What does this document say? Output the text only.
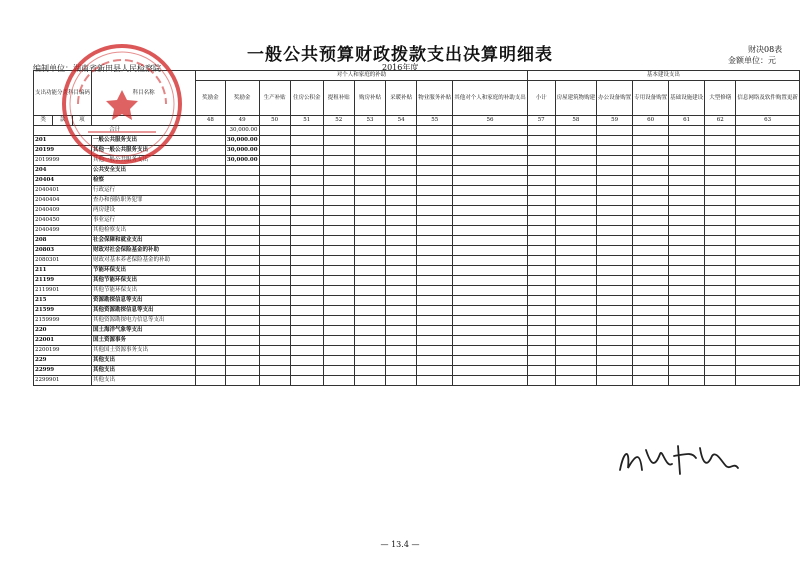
一般公共预算财政拨款支出决算明细表	财决08表
金额单位：元
编制单位：湖南省新田县人民检察院	2016年度
支出功能分类科目编码			科目名称	对个人和家庭的补助									基本建设支出						
				奖励金	奖励金	生产补贴	住房公积金	提租补贴	购房补贴	采暖补贴	物业服务补贴	其他对个人和家庭的补助支出	小计	房屋建筑物购建	办公设备购置	专用设备购置	基础设施建设	大型修缮	信息网络及软件购置更新
类	款	项		48	49	50	51	52	53	54	55	56	57	58	59	60	61	62	63
合计					30,000.00														
201			一般公共服务支出		30,000.00														
20199			其他一般公共服务支出		30,000.00														
2019999			其他一般公共服务支出		30,000.00														
204			公共安全支出																
20404			检察																
2040401			行政运行																
2040404			查办和预防职务犯罪																
2040409			两房建设																
2040450			事业运行																
2040499			其他检察支出																
208			社会保障和就业支出																
20803			财政对社会保险基金的补助																
2080301			财政对基本养老保险基金的补助																
211			节能环保支出																
21199			其他节能环保支出																
2119901			其他节能环保支出																
215			资源勘探信息等支出																
21599			其他资源勘探信息等支出																
2159999			其他资源勘探电力信息等支出																
220			国土海洋气象等支出																
22001			国土资源事务																
2200199			其他国土资源事务支出																
229			其他支出																
22999			其他支出																
2299901			其他支出																
— 13.4 —
